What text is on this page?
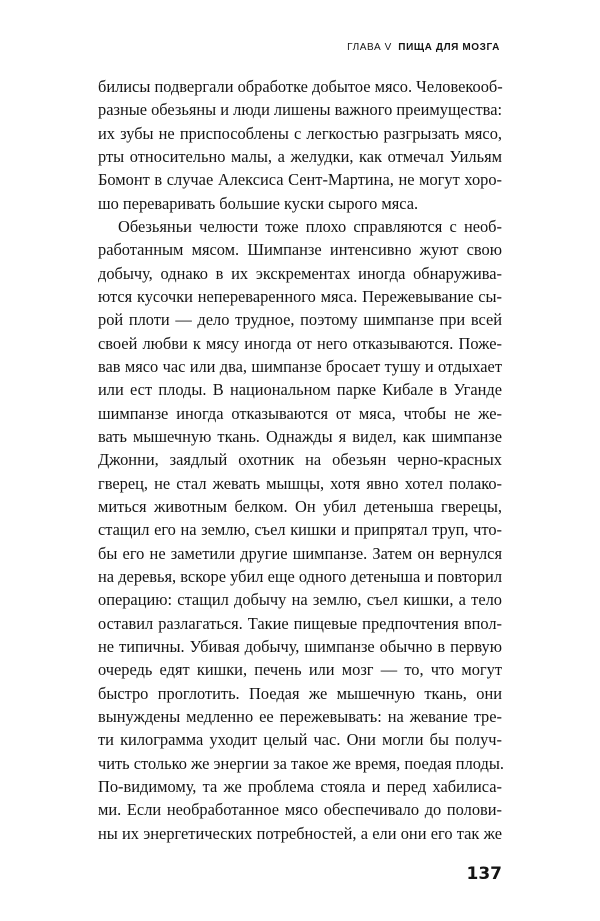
ГЛАВА V ПИЩА ДЛЯ МОЗГА
билисы подвергали обработке добытое мясо. Человекооб-
разные обезьяны и люди лишены важного преимущества:
их зубы не приспособлены с легкостью разгрызать мясо,
рты относительно малы, а желудки, как отмечал Уильям
Бомонт в случае Алексиса Сент-Мартина, не могут хоро-
шо переваривать большие куски сырого мяса.
Обезьяньи челюсти тоже плохо справляются с необ-
работанным мясом. Шимпанзе интенсивно жуют свою
добычу, однако в их экскрементах иногда обнаружива-
ются кусочки непереваренного мяса. Пережевывание сы-
рой плоти — дело трудное, поэтому шимпанзе при всей
своей любви к мясу иногда от него отказываются. Поже-
вав мясо час или два, шимпанзе бросает тушу и отдыхает
или ест плоды. В национальном парке Кибале в Уганде
шимпанзе иногда отказываются от мяса, чтобы не же-
вать мышечную ткань. Однажды я видел, как шимпанзе
Джонни, заядлый охотник на обезьян черно-красных
гверец, не стал жевать мышцы, хотя явно хотел полако-
миться животным белком. Он убил детеныша гверецы,
стащил его на землю, съел кишки и припрятал труп, что-
бы его не заметили другие шимпанзе. Затем он вернулся
на деревья, вскоре убил еще одного детеныша и повторил
операцию: стащил добычу на землю, съел кишки, а тело
оставил разлагаться. Такие пищевые предпочтения впол-
не типичны. Убивая добычу, шимпанзе обычно в первую
очередь едят кишки, печень или мозг — то, что могут
быстро проглотить. Поедая же мышечную ткань, они
вынуждены медленно ее пережевывать: на жевание тре-
ти килограмма уходит целый час. Они могли бы получ-
чить столько же энергии за такое же время, поедая плоды.
По-видимому, та же проблема стояла и перед хабилиса-
ми. Если необработанное мясо обеспечивало до полови-
ны их энергетических потребностей, а ели они его так же
137
